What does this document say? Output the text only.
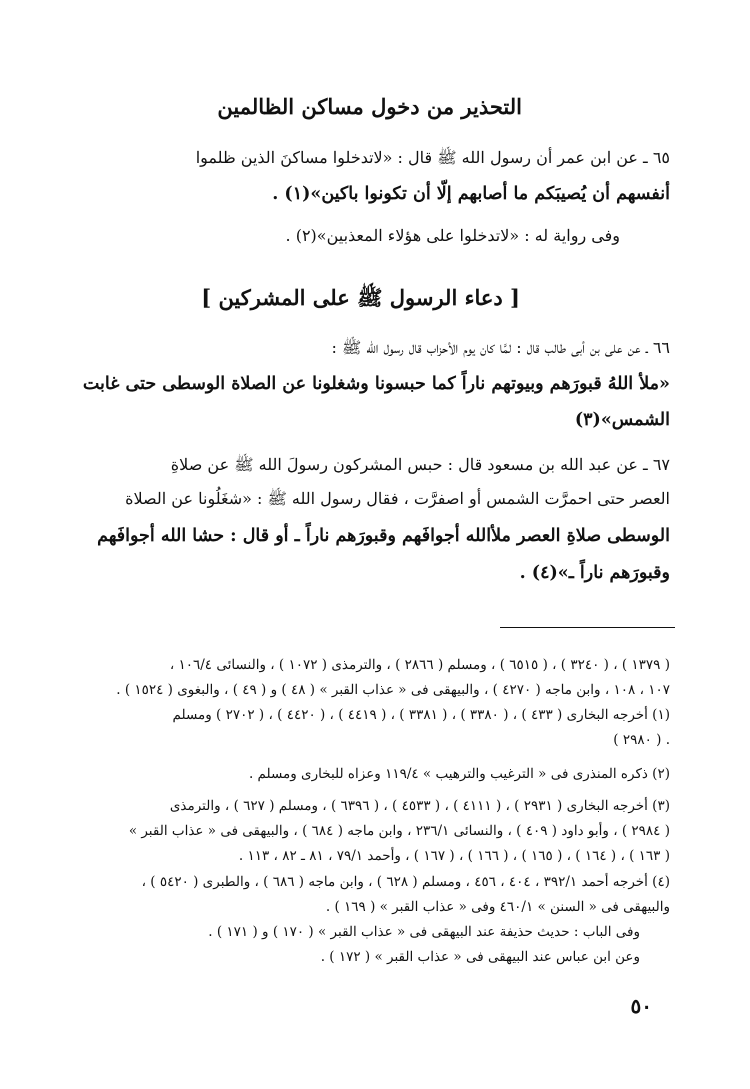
التحذير من دخول مساكن الظالمين
٦٥ ـ عن ابن عمر أن رسول الله ﷺ قال : «لاتدخلوا مساكنَ الذين ظلموا
أنفسهم أن يُصيبَكم ما أصابهم إلّا أن تكونوا باكين»(١) .
وفى رواية له : «لاتدخلوا على هؤلاء المعذبين»(٢) .
[ دعاء الرسول ﷺ على المشركين ]
٦٦ ـ عن على بن أبى طالب قال : لمَّا كان يوم الأحزاب قال رسول الله ﷺ :
«ملأ اللهُ قبورَهم وبيوتهم ناراً كما حبسونا وشغلونا عن الصلاة الوسطى حتى غابت
الشمس»(٣)
٦٧ ـ عن عبد الله بن مسعود قال : حبس المشركون رسولَ الله ﷺ عن صلاةِ
العصر حتى احمرَّت الشمس أو اصفرَّت ، فقال رسول الله ﷺ : «شغَلُونا عن الصلاة
الوسطى صلاةِ العصر ملأالله أجوافَهم وقبورَهم ناراً ـ أو قال : حشا الله أجوافَهم
وقبورَهم ناراً ـ»(٤) .
( ١٣٧٩ ) ، ( ٣٢٤٠ ) ، ( ٦٥١٥ ) ، ومسلم ( ٢٨٦٦ ) ، والترمذى ( ١٠٧٢ ) ، والنسائى ١٠٦/٤ ،
١٠٧ ، ١٠٨ ، وابن ماجه ( ٤٢٧٠ ) ، والبيهقى فى « عذاب القبر » ( ٤٨ ) و ( ٤٩ ) ، والبغوى ( ١٥٢٤ ) .
(١) أخرجه البخارى ( ٤٣٣ ) ، ( ٣٣٨٠ ) ، ( ٣٣٨١ ) ، ( ٤٤١٩ ) ، ( ٤٤٢٠ ) ، ( ٢٧٠٢ ) ومسلم
( ٢٩٨٠ ) .
(٢) ذكره المنذرى فى « الترغيب والترهيب » ١١٩/٤ وعزاه للبخارى ومسلم .
(٣) أخرجه البخارى ( ٢٩٣١ ) ، ( ٤١١١ ) ، ( ٤٥٣٣ ) ، ( ٦٣٩٦ ) ، ومسلم ( ٦٢٧ ) ، والترمذى
( ٢٩٨٤ ) ، وأبو داود ( ٤٠٩ ) ، والنسائى ٢٣٦/١ ، وابن ماجه ( ٦٨٤ ) ، والبيهقى فى « عذاب القبر »
( ١٦٣ ) ، ( ١٦٤ ) ، ( ١٦٥ ) ، ( ١٦٦ ) ، ( ١٦٧ ) ، وأحمد ٧٩/١ ، ٨١ ـ ٨٢ ، ١١٣ .
(٤) أخرجه أحمد ٣٩٢/١ ، ٤٠٤ ، ٤٥٦ ، ومسلم ( ٦٢٨ ) ، وابن ماجه ( ٦٨٦ ) ، والطبرى ( ٥٤٢٠ ) ،
والبيهقى فى « السنن » ٤٦٠/١ وفى « عذاب القبر » ( ١٦٩ ) .
وفى الباب : حديث حذيفة عند البيهقى فى « عذاب القبر » ( ١٧٠ ) و ( ١٧١ ) .
وعن ابن عباس عند البيهقى فى « عذاب القبر » ( ١٧٢ ) .
٥٠
